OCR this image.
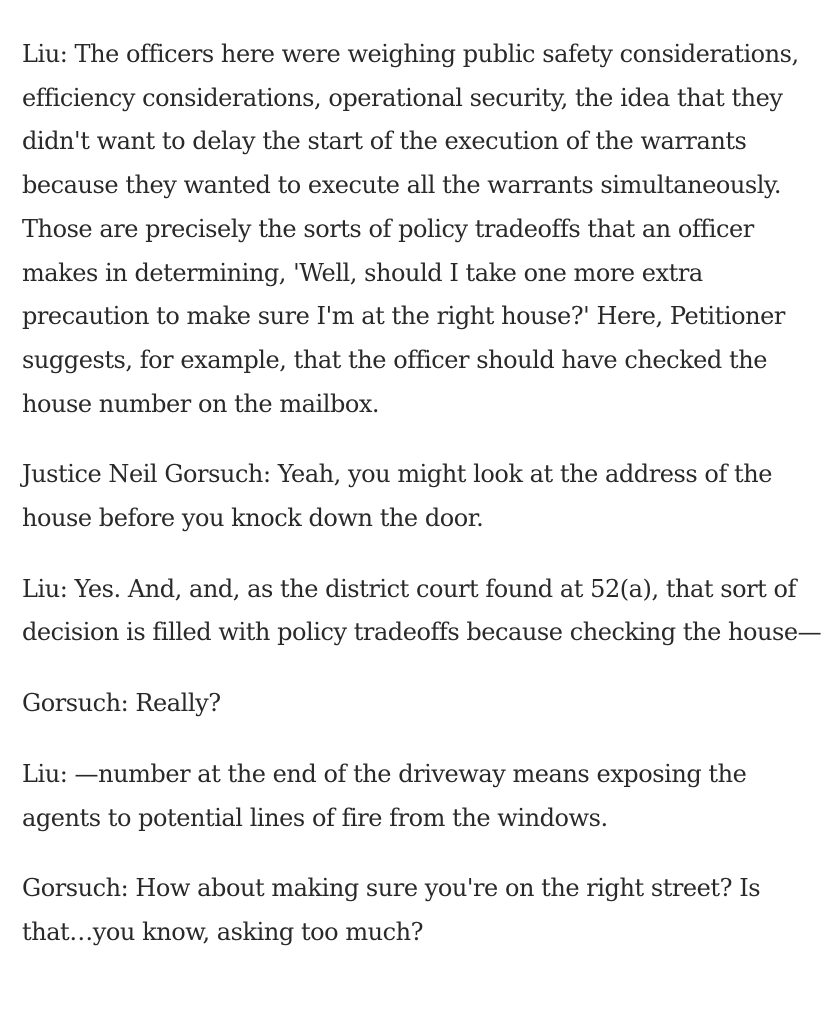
Liu: The officers here were weighing public safety considerations, efficiency considerations, operational security, the idea that they didn't want to delay the start of the execution of the warrants because they wanted to execute all the warrants simultaneously. Those are precisely the sorts of policy tradeoffs that an officer makes in determining, 'Well, should I take one more extra precaution to make sure I'm at the right house?' Here, Petitioner suggests, for example, that the officer should have checked the house number on the mailbox.

Justice Neil Gorsuch: Yeah, you might look at the address of the house before you knock down the door.

Liu: Yes. And, and, as the district court found at 52(a), that sort of decision is filled with policy tradeoffs because checking the house—

Gorsuch: Really?

Liu: —number at the end of the driveway means exposing the agents to potential lines of fire from the windows.

Gorsuch: How about making sure you're on the right street? Is that…you know, asking too much?
